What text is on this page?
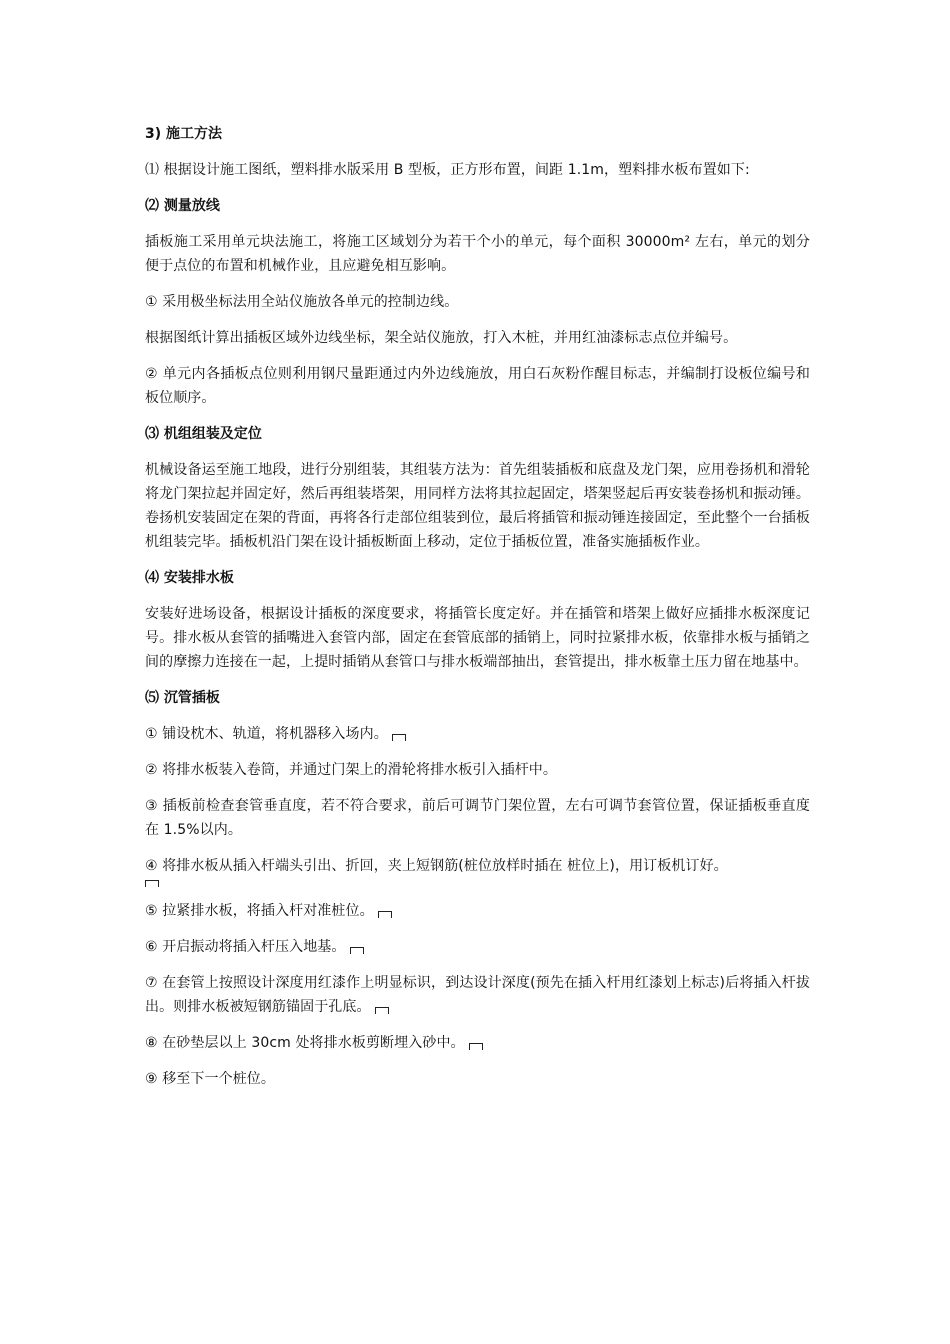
3) 施工方法

⑴ 根据设计施工图纸，塑料排水版采用 B 型板，正方形布置，间距 1.1m，塑料排水板布置如下:

⑵ 测量放线

插板施工采用单元块法施工，将施工区域划分为若干个小的单元，每个面积 30000m² 左右，单元的划分便于点位的布置和机械作业，且应避免相互影响。

① 采用极坐标法用全站仪施放各单元的控制边线。

根据图纸计算出插板区域外边线坐标，架全站仪施放，打入木桩，并用红油漆标志点位并编号。

② 单元内各插板点位则利用钢尺量距通过内外边线施放，用白石灰粉作醒目标志，并编制打设板位编号和板位顺序。

⑶ 机组组装及定位

机械设备运至施工地段，进行分别组装，其组装方法为：首先组装插板和底盘及龙门架，应用卷扬机和滑轮将龙门架拉起并固定好，然后再组装塔架，用同样方法将其拉起固定，塔架竖起后再安装卷扬机和振动锤。卷扬机安装固定在架的背面，再将各行走部位组装到位，最后将插管和振动锤连接固定，至此整个一台插板机组装完毕。插板机沿门架在设计插板断面上移动，定位于插板位置，准备实施插板作业。

⑷ 安装排水板

安装好进场设备，根据设计插板的深度要求，将插管长度定好。并在插管和塔架上做好应插排水板深度记号。排水板从套管的插嘴进入套管内部，固定在套管底部的插销上，同时拉紧排水板，依靠排水板与插销之间的摩擦力连接在一起，上提时插销从套管口与排水板端部抽出，套管提出，排水板靠土压力留在地基中。

⑸ 沉管插板

① 铺设枕木、轨道，将机器移入场内。

② 将排水板装入卷筒，并通过门架上的滑轮将排水板引入插杆中。

③ 插板前检查套管垂直度，若不符合要求，前后可调节门架位置，左右可调节套管位置，保证插板垂直度在 1.5%以内。

④ 将排水板从插入杆端头引出、折回，夹上短钢筋(桩位放样时插在 桩位上)，用订板机订好。

⑤ 拉紧排水板，将插入杆对准桩位。

⑥ 开启振动将插入杆压入地基。

⑦ 在套管上按照设计深度用红漆作上明显标识，到达设计深度(预先在插入杆用红漆划上标志)后将插入杆拔出。则排水板被短钢筋锚固于孔底。

⑧ 在砂垫层以上 30cm 处将排水板剪断埋入砂中。

⑨ 移至下一个桩位。
